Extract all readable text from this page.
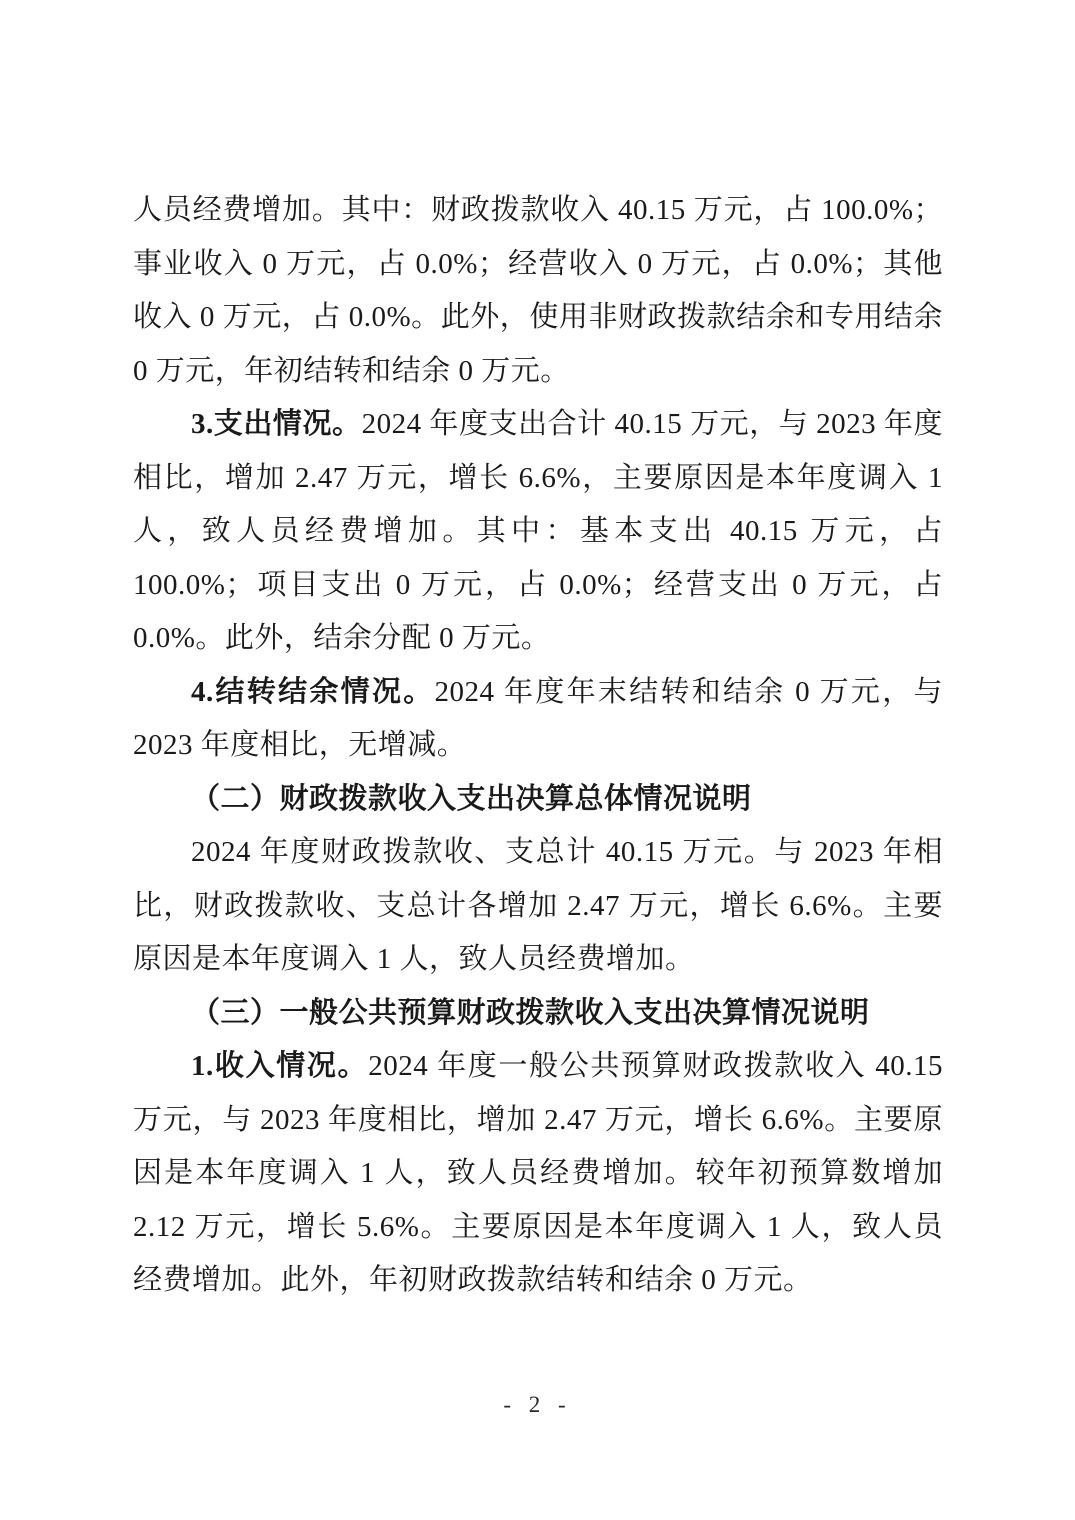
人员经费增加。其中：财政拨款收入 40.15 万元，占 100.0%；事业收入 0 万元，占 0.0%；经营收入 0 万元，占 0.0%；其他收入 0 万元，占 0.0%。此外，使用非财政拨款结余和专用结余 0 万元，年初结转和结余 0 万元。

3.支出情况。2024 年度支出合计 40.15 万元，与 2023 年度相比，增加 2.47 万元，增长 6.6%，主要原因是本年度调入 1 人，致人员经费增加。其中：基本支出 40.15 万元，占 100.0%；项目支出 0 万元，占 0.0%；经营支出 0 万元，占 0.0%。此外，结余分配 0 万元。

4.结转结余情况。2024 年度年末结转和结余 0 万元，与 2023 年度相比，无增减。

（二）财政拨款收入支出决算总体情况说明

2024 年度财政拨款收、支总计 40.15 万元。与 2023 年相比，财政拨款收、支总计各增加 2.47 万元，增长 6.6%。主要原因是本年度调入 1 人，致人员经费增加。

（三）一般公共预算财政拨款收入支出决算情况说明

1.收入情况。2024 年度一般公共预算财政拨款收入 40.15 万元，与 2023 年度相比，增加 2.47 万元，增长 6.6%。主要原因是本年度调入 1 人，致人员经费增加。较年初预算数增加 2.12 万元，增长 5.6%。主要原因是本年度调入 1 人，致人员经费增加。此外，年初财政拨款结转和结余 0 万元。

- 2 -
